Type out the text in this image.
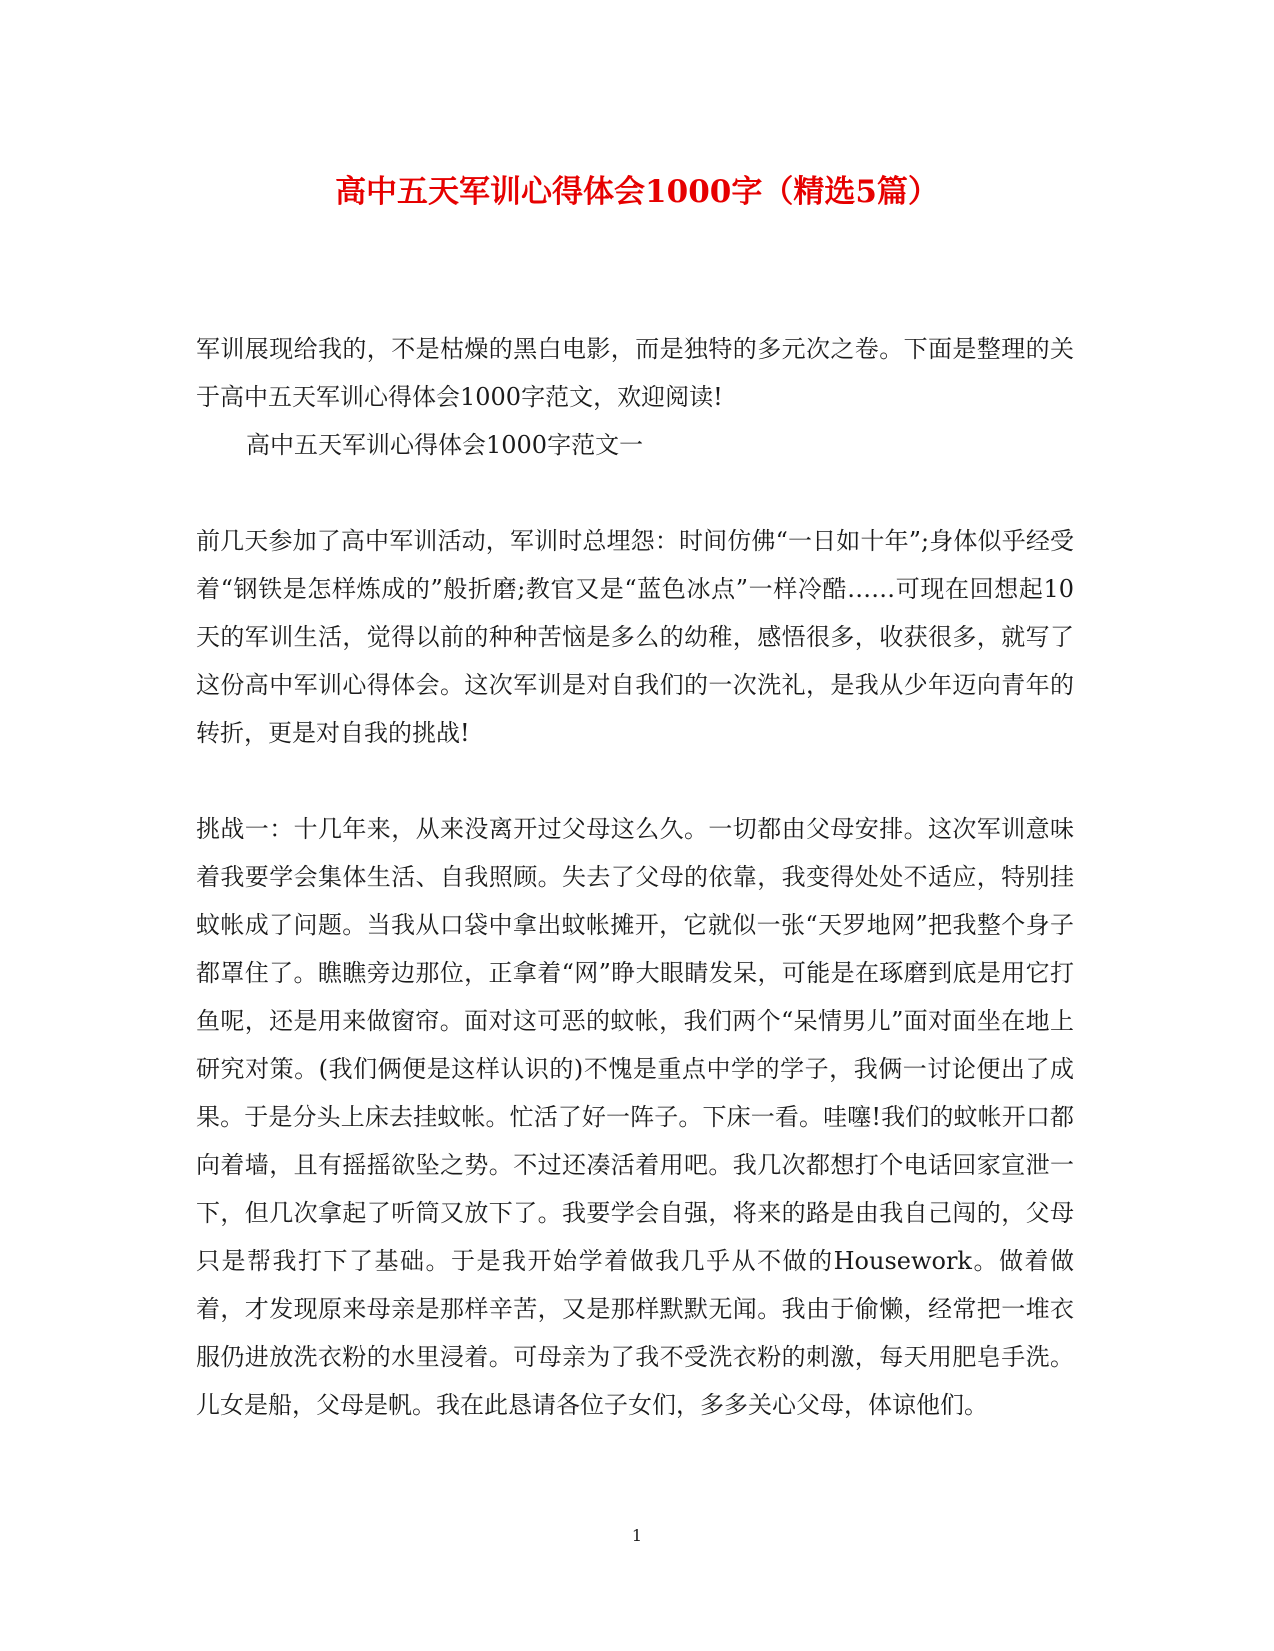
高中五天军训心得体会1000字（精选5篇）

军训展现给我的，不是枯燥的黑白电影，而是独特的多元次之卷。下面是整理的关于高中五天军训心得体会1000字范文，欢迎阅读!

高中五天军训心得体会1000字范文一

前几天参加了高中军训活动，军训时总埋怨：时间仿佛“一日如十年”;身体似乎经受着“钢铁是怎样炼成的”般折磨;教官又是“蓝色冰点”一样冷酷……可现在回想起10天的军训生活，觉得以前的种种苦恼是多么的幼稚，感悟很多，收获很多，就写了这份高中军训心得体会。这次军训是对自我们的一次洗礼，是我从少年迈向青年的转折，更是对自我的挑战!

挑战一：十几年来，从来没离开过父母这么久。一切都由父母安排。这次军训意味着我要学会集体生活、自我照顾。失去了父母的依靠，我变得处处不适应，特别挂蚊帐成了问题。当我从口袋中拿出蚊帐摊开，它就似一张“天罗地网”把我整个身子都罩住了。瞧瞧旁边那位，正拿着“网”睁大眼睛发呆，可能是在琢磨到底是用它打鱼呢，还是用来做窗帘。面对这可恶的蚊帐，我们两个“呆情男儿”面对面坐在地上研究对策。(我们俩便是这样认识的)不愧是重点中学的学子，我俩一讨论便出了成果。于是分头上床去挂蚊帐。忙活了好一阵子。下床一看。哇噻!我们的蚊帐开口都向着墙，且有摇摇欲坠之势。不过还凑活着用吧。我几次都想打个电话回家宣泄一下，但几次拿起了听筒又放下了。我要学会自强，将来的路是由我自己闯的，父母只是帮我打下了基础。于是我开始学着做我几乎从不做的Housework。做着做着，才发现原来母亲是那样辛苦，又是那样默默无闻。我由于偷懒，经常把一堆衣服仍进放洗衣粉的水里浸着。可母亲为了我不受洗衣粉的刺激，每天用肥皂手洗。儿女是船，父母是帆。我在此恳请各位子女们，多多关心父母，体谅他们。

1
